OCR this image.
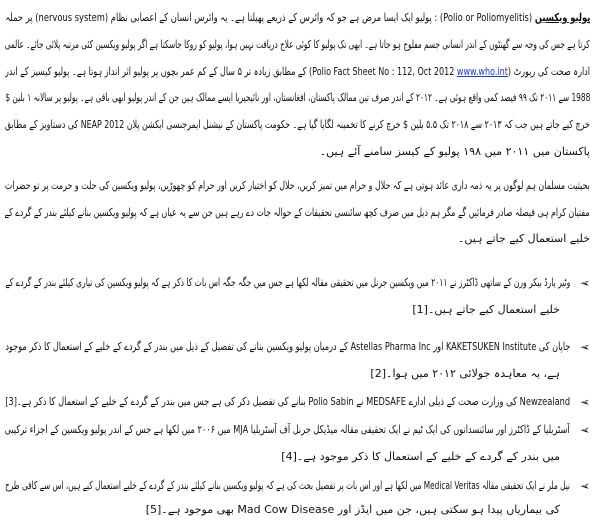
پولیو ویکسین (Polio or Poliomyelitis) : پولیو ایک ایسا مرض ہے جو کہ وائرس کے ذریعے پھیلتا ہے۔ یہ وائرس انسان کے اعصابی نظام (nervous system) پر حملہ
کرتا ہے جس کی وجہ سے گھنٹوں کے اندر انسانی جسم مفلوج ہو جاتا ہے۔ ابھی تک پولیو کا کوئی علاج دریافت نہیں ہوا، پولیو کو روکا جاسکتا ہے اگر پولیو ویکسین کئی مرتبہ پلائی جائے۔ عالمی
ادارہ صحت کی رپورٹ (Polio Fact Sheet No : 112, Oct 2012 www.who.int) کے مطابق زیادہ تر ۵ سال کے کم عمر بچوں پر پولیو اثر انداز ہوتا ہے۔ پولیو کیسیز کے اندر
1988 سے ۲۰۱۱ تک ۹۹ فیصد کمی واقع ہوئی ہے۔ ۲۰۱۲ کے اندر صرف تین ممالک پاکستان، افغانستان، اور نائیجیریا ایسے ممالک ہیں جن کے اندر پولیو ابھی باقی ہے۔ پولیو پر سالانہ ۱ بلین $
خرچ کیے جاتے ہیں جب کہ ۲۰۱۳ سے ۲۰۱۸ تک ۵.۵ بلین $ خرچ کرنے کا تخمینہ لگایا گیا ہے۔ حکومت پاکستان کے نیشنل ایمرجنسی ایکشن پلان NEAP 2012 کی دستاویز کے مطابق
پاکستان میں ۲۰۱۱ میں ۱۹۸ پولیو کے کیسز سامنے آئے ہیں۔
بحیثیت مسلمان ہم لوگوں پر یہ ذمہ داری عائد ہوتی ہے کہ حلال و حرام میں تمیز کریں، حلال کو اختیار کریں اور حرام کو چھوڑیں، پولیو ویکسین کی حلت و حرمت پر تو حضرات
مفتیان کرام ہی فیصلہ صادر فرمائیں گے مگر ہم ذیل میں صرف کچھ سائنسی تحقیقات کے حوالہ جات دے رہے ہیں جن سے یہ عیاں ہے کہ پولیو ویکسین بنانے کیلئے بندر کے گردے کے
خلیے استعمال کیے جاتے ہیں۔
➢
وٹیر یارڈ بیکر ورن کے ساتھی ڈاکٹرز نے ۲۰۱۱ میں ویکسین جرنل میں تحقیقی مقالہ لکھا ہے جس میں جگہ جگہ اس بات کا ذکر ہے کہ پولیو ویکسین کی تیاری کیلئے بندر کے گردے کے
خلیے استعمال کیے جاتے ہیں۔[1]
➢
جاپان کی KAKETSUKEN Institute اور Astellas Pharma Inc کے درمیان پولیو ویکسین بنانے کی تفصیل کے ذیل میں بندر کے گردے کے خلیے کے استعمال کا ذکر موجود
ہے، یہ معاہدہ جولائی ۲۰۱۲ میں ہوا۔[2]
➢
Newzealand کی وزارت صحت کے ذیلی ادارے MEDSAFE نے Polio Sabin بنانے کی تفصیل ذکر کی ہے جس میں بندر کے گردے کے خلیے کے استعمال کا ذکر ہے۔[3]
➢
آسٹریلیا کے ڈاکٹرز اور سائنسدانوں کی ایک ٹیم نے ایک تحقیقی مقالہ میڈیکل جرنل آف آسٹریلیا MJA میں ۲۰۰۶ میں لکھا ہے جس کے اندر پولیو ویکسین کے اجزاء ترکیبی
میں بندر کے گردے کے خلیے کے استعمال کا ذکر موجود ہے۔[4]
➢
نیل ملر نے ایک تحقیقی مقالہ Medical Veritas میں لکھا ہے اور اس بات پر تفصیل بحث کی ہے کہ پولیو ویکسین بنانے کیلئے بندر کے گردے کے خلیے استعمال کیے ہیں، اس سے کافی طرح
کی بیماریاں پیدا ہو سکتی ہیں، جن میں ایڈز اور Mad Cow Disease بھی موجود ہے۔[5]
